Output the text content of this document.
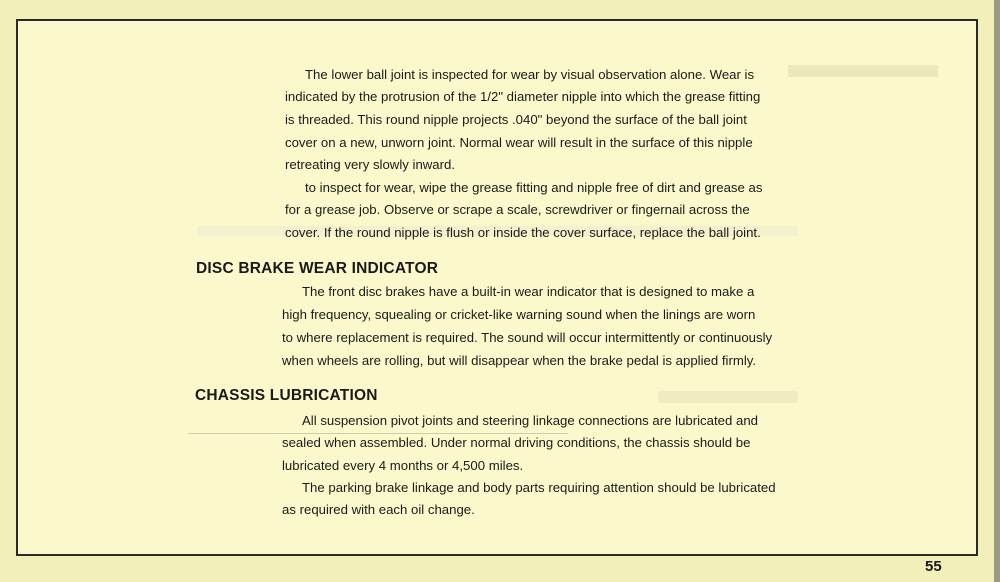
The lower ball joint is inspected for wear by visual observation alone. Wear is

indicated by the protrusion of the 1/2" diameter nipple into which the grease fitting

is threaded. This round nipple projects .040" beyond the surface of the ball joint

cover on a new, unworn joint. Normal wear will result in the surface of this nipple

retreating very slowly inward.

to inspect for wear, wipe the grease fitting and nipple free of dirt and grease as

for a grease job. Observe or scrape a scale, screwdriver or fingernail across the

cover. If the round nipple is flush or inside the cover surface, replace the ball joint.

DISC BRAKE WEAR INDICATOR

The front disc brakes have a built-in wear indicator that is designed to make a

high frequency, squealing or cricket-like warning sound when the linings are worn

to where replacement is required. The sound will occur intermittently or continuously

when wheels are rolling, but will disappear when the brake pedal is applied firmly.

CHASSIS LUBRICATION

All suspension pivot joints and steering linkage connections are lubricated and

sealed when assembled. Under normal driving conditions, the chassis should be

lubricated every 4 months or 4,500 miles.

The parking brake linkage and body parts requiring attention should be lubricated

as required with each oil change.

55
